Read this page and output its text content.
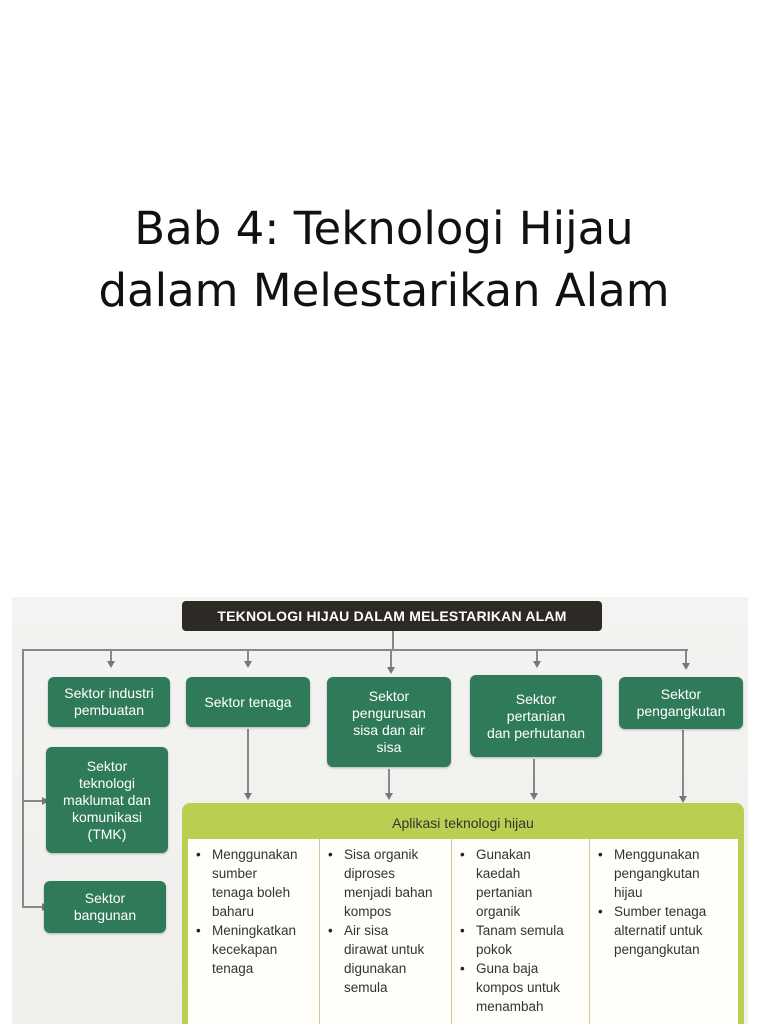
Bab 4: Teknologi Hijau
dalam Melestarikan Alam
TEKNOLOGI HIJAU DALAM MELESTARIKAN ALAM
Sektor industri
pembuatan
Sektor tenaga	Sektor
pengurusan
sisa dan air
sisa
Sektor
pertanian
dan perhutanan
Sektor
pengangkutan
Sektor
teknologi
maklumat dan
komunikasi
(TMK)
Sektor
bangunan
Aplikasi teknologi hijau
• Menggunakan
sumber
tenaga boleh
baharu
• Meningkatkan
kecekapan
tenaga
• Sisa organik
diproses
menjadi bahan
kompos
• Air sisa
dirawat untuk
digunakan
semula
• Gunakan
kaedah
pertanian
organik
• Tanam semula
pokok
• Guna baja
kompos untuk
menambah
• Menggunakan
pengangkutan
hijau
• Sumber tenaga
alternatif untuk
pengangkutan
